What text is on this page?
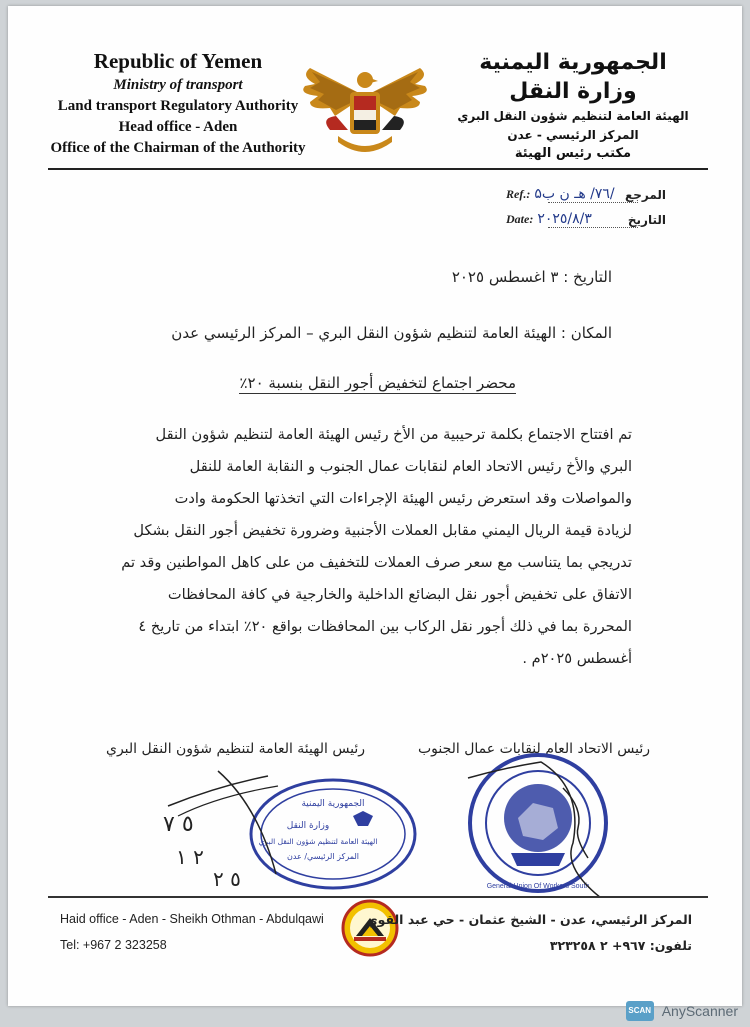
Republic of Yemen
Ministry of transport
Land transport Regulatory Authority
Head office - Aden
Office of the Chairman of the Authority
الجمهورية اليمنية
وزارة النقل
الهيئة العامة لتنظيم شؤون النقل البري
المركز الرئيسي - عدن
مكتب رئيس الهيئة
Ref.: ۵٧٦/ هـ ن ب/ المرجع
Date: ٢٠٢٥/٨/٣	التاريخ
التاريخ : ٣ اغسطس ٢٠٢٥
المكان : الهيئة العامة لتنظيم شؤون النقل البري – المركز الرئيسي عدن
محضر اجتماع لتخفيض أجور النقل بنسبة ٢٠٪
تم افتتاح الاجتماع بكلمة ترحيبية من الأخ رئيس الهيئة العامة لتنظيم شؤون النقل
البري والأخ رئيس الاتحاد العام لنقابات عمال الجنوب و النقابة العامة للنقل
والمواصلات وقد استعرض رئيس الهيئة الإجراءات التي اتخذتها الحكومة وادت
لزيادة قيمة الريال اليمني مقابل العملات الأجنبية وضرورة تخفيض أجور النقل بشكل
تدريجي بما يتناسب مع سعر صرف العملات للتخفيف من على كاهل المواطنين وقد تم
الاتفاق على تخفيض أجور نقل البضائع الداخلية والخارجية في كافة المحافظات
المحررة بما في ذلك أجور نقل الركاب بين المحافظات بواقع ٢٠٪ ابتداء من تاريخ ٤
أغسطس ٢٠٢٥م .
رئيس الهيئة العامة لتنظيم شؤون النقل البري	رئيس الاتحاد العام لنقابات عمال الجنوب
٥ ٧
٢ ١
٥ ٢
الجمهورية اليمنية
وزارة النقل
الهيئة العامة لتنظيم شؤون النقل البري
المركز الرئيسي/ عدن
General Union Of Workers South
Haid office - Aden - Sheikh Othman - Abdulqawi
Tel: +967 2 323258
المركز الرئيسي، عدن - الشيخ عثمان - حي عبد القوي
تلفون: ٩٦٧+ ٢ ٣٢٣٢٥٨
SCAN AnyScanner
